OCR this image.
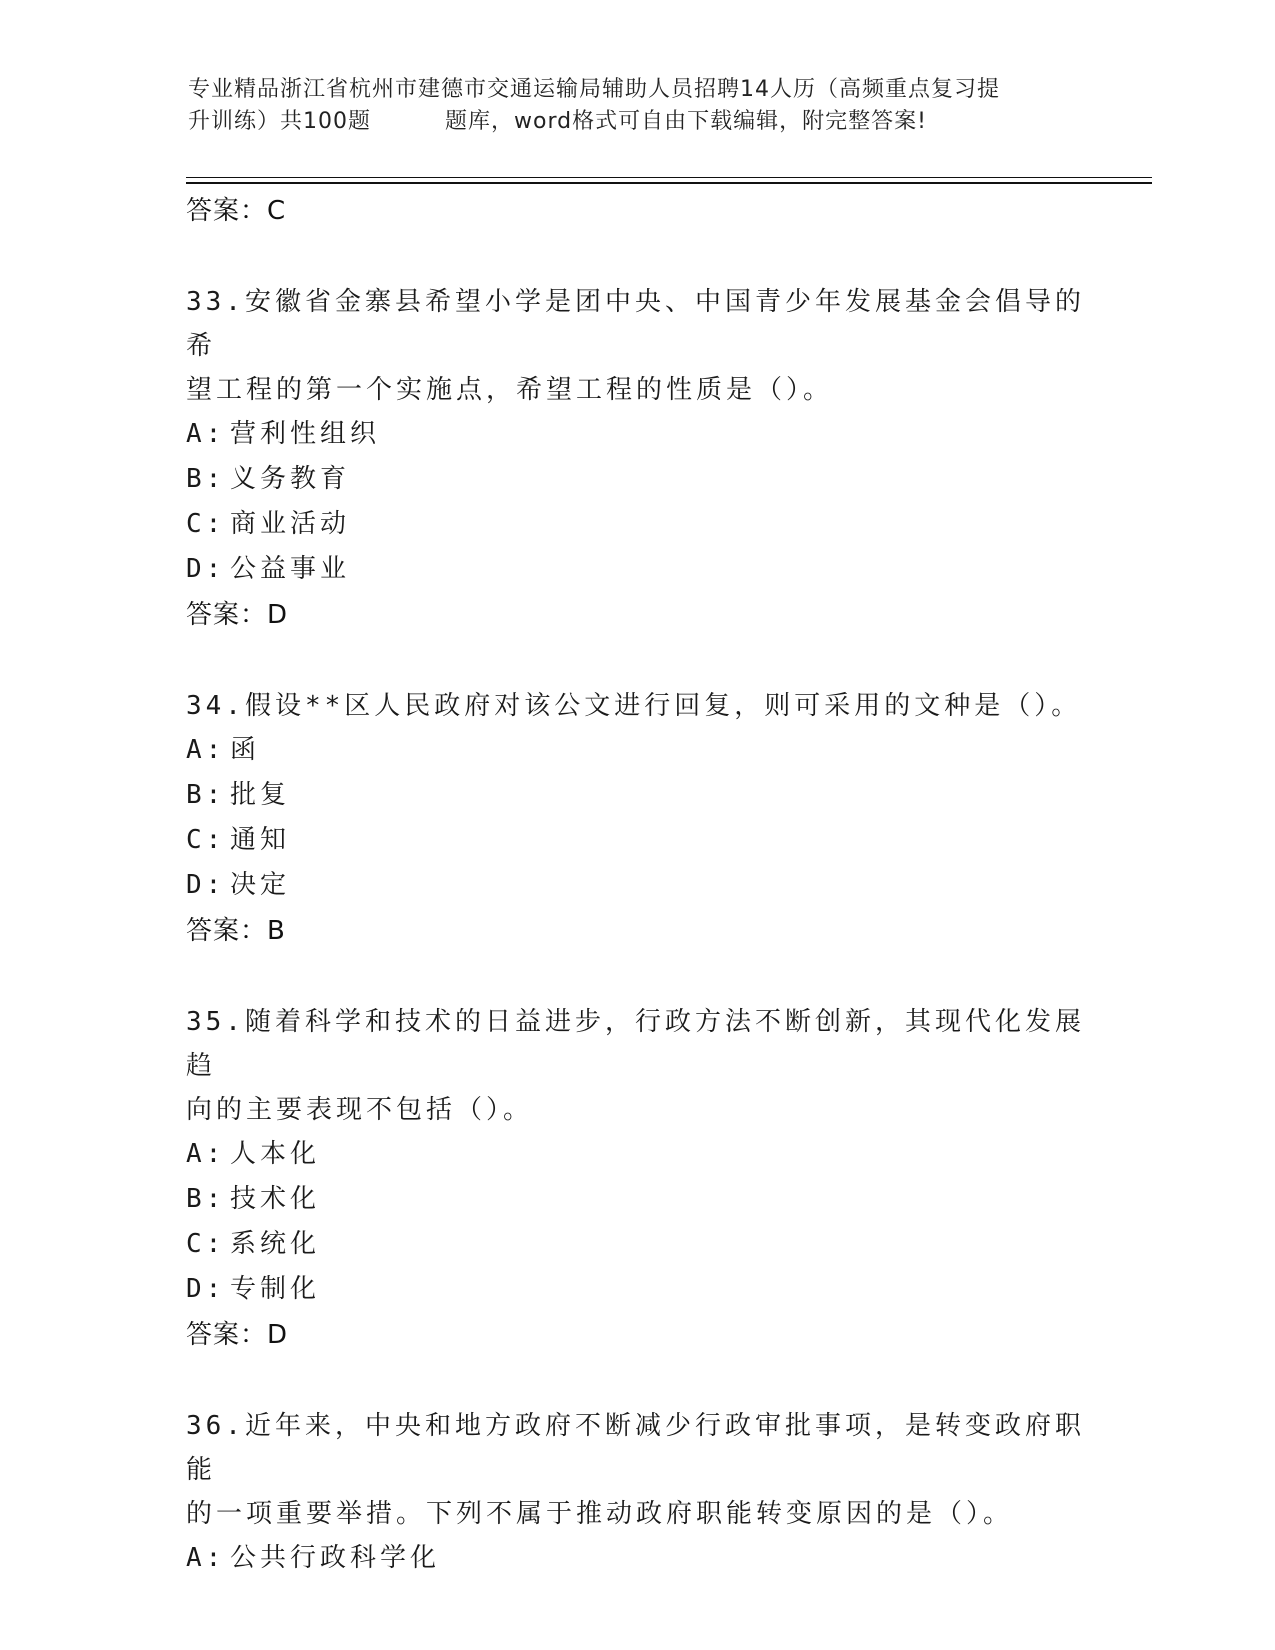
专业精品浙江省杭州市建德市交通运输局辅助人员招聘14人历（高频重点复习提
升训练）共100题	题库，word格式可自由下载编辑，附完整答案!
答案：C
33.安徽省金寨县希望小学是团中央、中国青少年发展基金会倡导的希
望工程的第一个实施点，希望工程的性质是（）。
A: 营利性组织
B: 义务教育
C: 商业活动
D: 公益事业
答案：D
34.假设**区人民政府对该公文进行回复，则可采用的文种是（）。
A: 函
B: 批复
C: 通知
D: 决定
答案：B
35.随着科学和技术的日益进步，行政方法不断创新，其现代化发展趋
向的主要表现不包括（）。
A: 人本化
B: 技术化
C: 系统化
D: 专制化
答案：D
36.近年来，中央和地方政府不断减少行政审批事项，是转变政府职能
的一项重要举措。下列不属于推动政府职能转变原因的是（）。
A: 公共行政科学化
